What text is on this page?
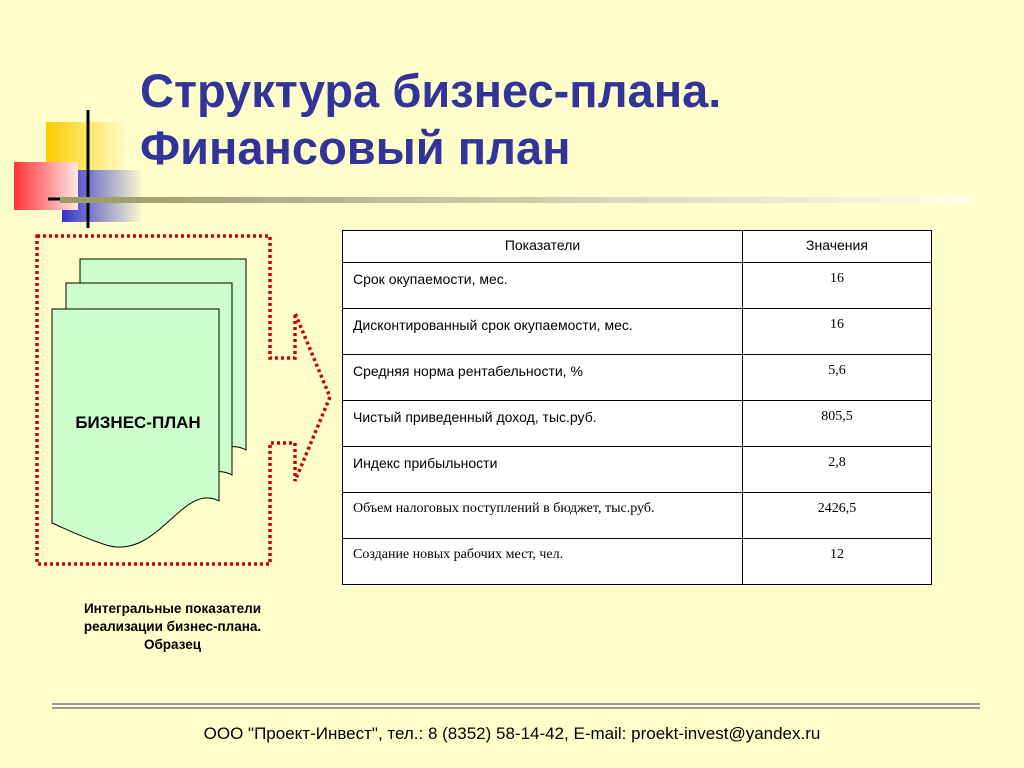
Структура бизнес-плана.
Финансовый план
БИЗНЕС-ПЛАН
Интегральные показатели
реализации бизнес-плана.
Образец
Показатели	Значения
Срок окупаемости, мес.	16
Дисконтированный срок окупаемости, мес.	16
Средняя норма рентабельности, %	5,6
Чистый приведенный доход, тыс.руб.	805,5
Индекс прибыльности	2,8
Объем налоговых поступлений в бюджет, тыс.руб.	2426,5
Создание новых рабочих мест, чел.	12
ООО "Проект-Инвест", тел.: 8 (8352) 58-14-42, E-mail: proekt-invest@yandex.ru
